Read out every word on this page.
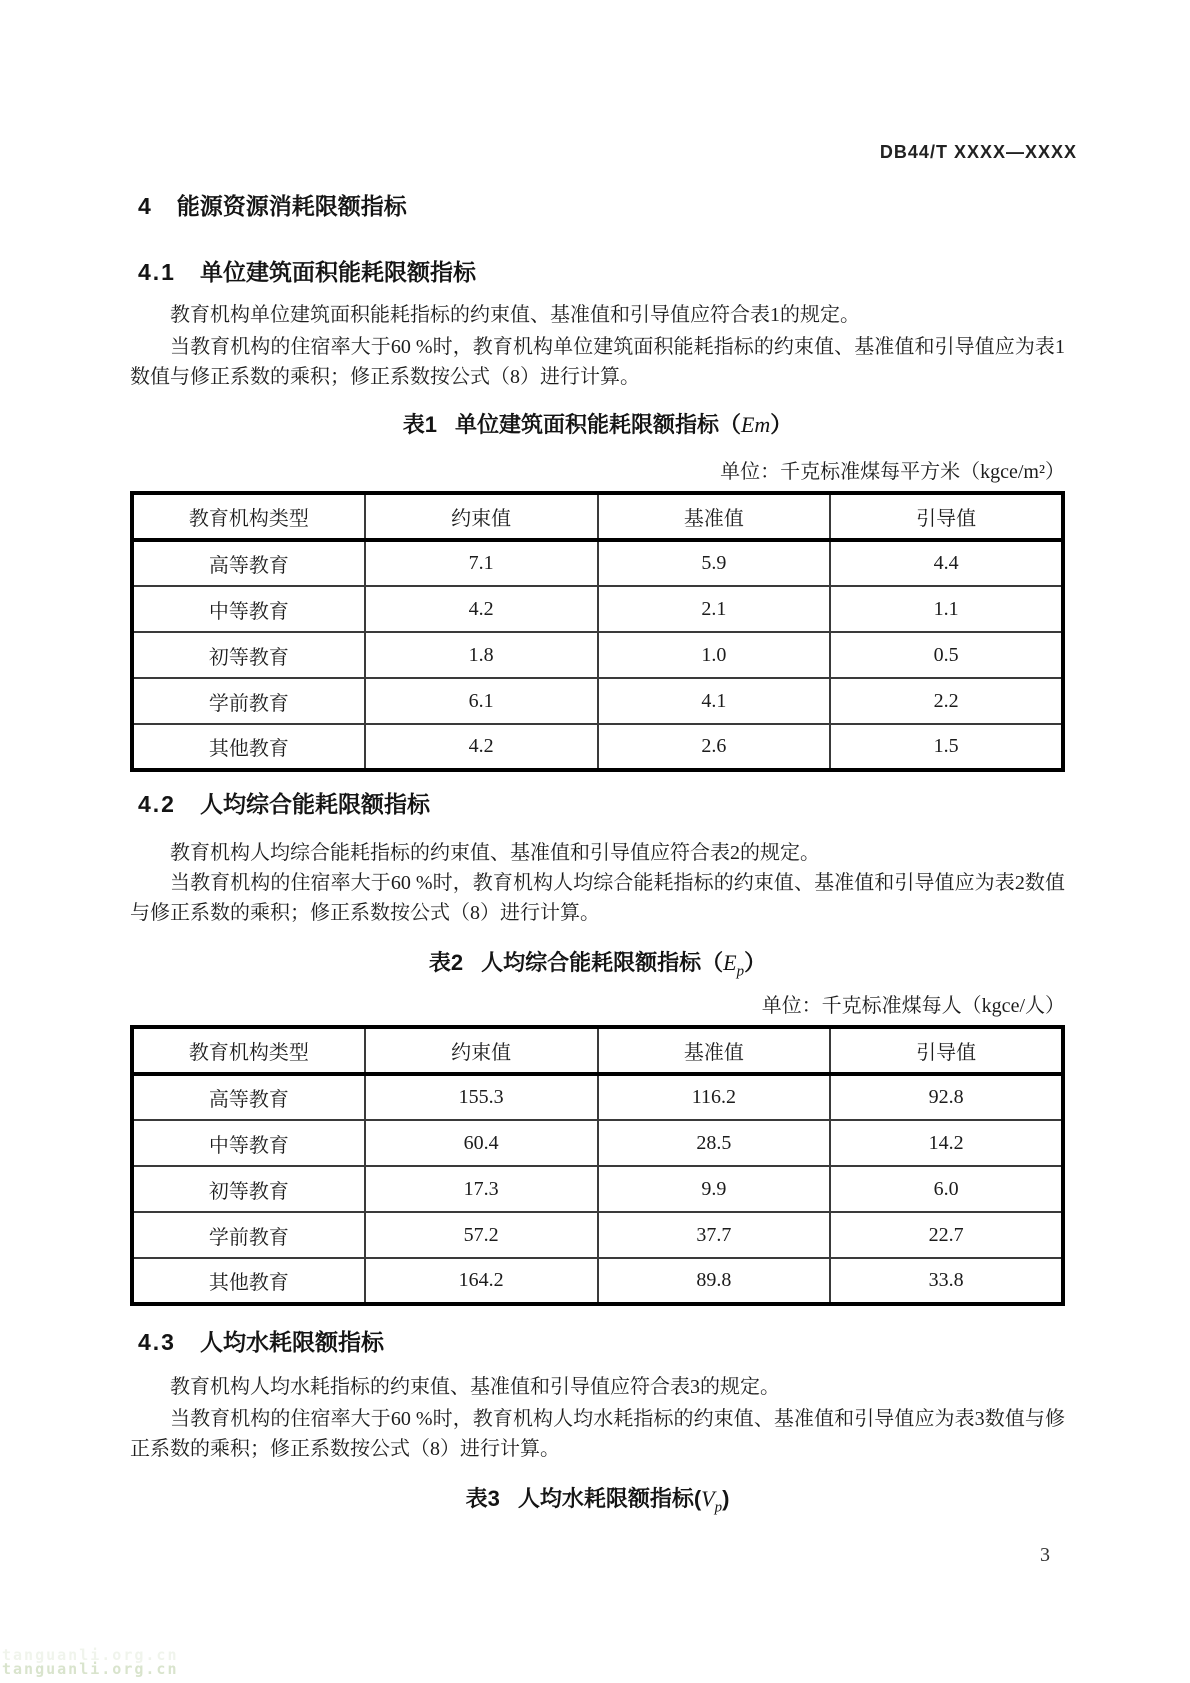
DB44/T XXXX—XXXX
4 能源资源消耗限额指标
4.1 单位建筑面积能耗限额指标
教育机构单位建筑面积能耗指标的约束值、基准值和引导值应符合表1的规定。
当教育机构的住宿率大于60 %时，教育机构单位建筑面积能耗指标的约束值、基准值和引导值应为表1数值与修正系数的乘积；修正系数按公式（8）进行计算。
表1 单位建筑面积能耗限额指标（Em）
单位：千克标准煤每平方米（kgce/m²）
教育机构类型	约束值	基准值	引导值
高等教育	7.1	5.9	4.4
中等教育	4.2	2.1	1.1
初等教育	1.8	1.0	0.5
学前教育	6.1	4.1	2.2
其他教育	4.2	2.6	1.5
4.2 人均综合能耗限额指标
教育机构人均综合能耗指标的约束值、基准值和引导值应符合表2的规定。
当教育机构的住宿率大于60 %时，教育机构人均综合能耗指标的约束值、基准值和引导值应为表2数值与修正系数的乘积；修正系数按公式（8）进行计算。
表2 人均综合能耗限额指标$(E_p)$
单位：千克标准煤每人（kgce/人）
教育机构类型	约束值	基准值	引导值
高等教育	155.3	116.2	92.8
中等教育	60.4	28.5	14.2
初等教育	17.3	9.9	6.0
学前教育	57.2	37.7	22.7
其他教育	164.2	89.8	33.8
4.3 人均水耗限额指标
教育机构人均水耗指标的约束值、基准值和引导值应符合表3的规定。
当教育机构的住宿率大于60 %时，教育机构人均水耗指标的约束值、基准值和引导值应为表3数值与修正系数的乘积；修正系数按公式（8）进行计算。
表3 人均水耗限额指标$(V_p)$
3
tanguanli.org.cn
tanguanli.org.cn
